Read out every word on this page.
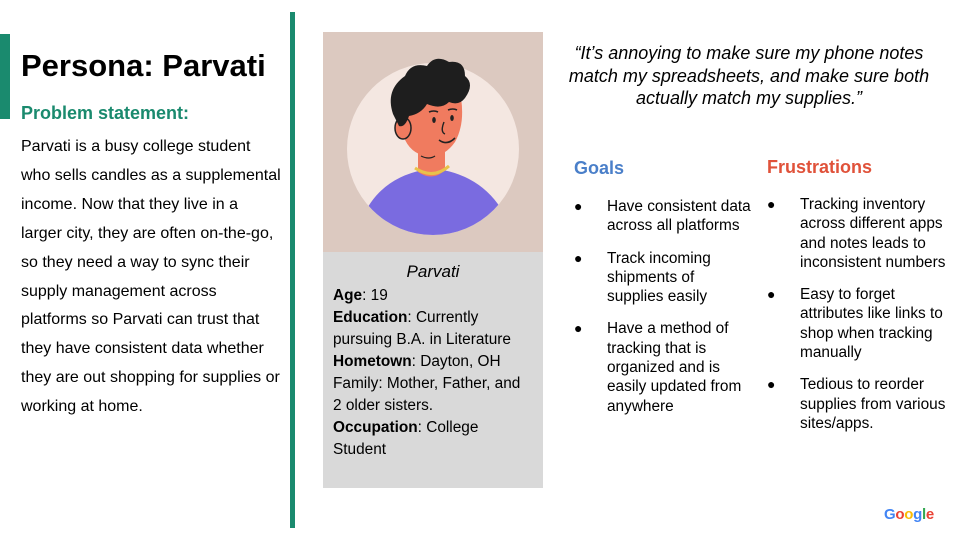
Persona: Parvati
Problem statement:

Parvati is a busy college student who sells candles as a supplemental income. Now that they live in a larger city, they are often on-the-go, so they need a way to sync their supply management across platforms so Parvati can trust that they have consistent data whether they are out shopping for supplies or working at home.

Parvati
Age: 19
Education: Currently pursuing B.A. in Literature
Hometown: Dayton, OH
Family: Mother, Father, and 2 older sisters.
Occupation: College Student

“It’s annoying to make sure my phone notes match my spreadsheets, and make sure both actually match my supplies.”

Goals
● Have consistent data across all platforms
● Track incoming shipments of supplies easily
● Have a method of tracking that is organized and is easily updated from anywhere
Frustrations
● Tracking inventory across different apps and notes leads to inconsistent numbers
● Easy to forget attributes like links to shop when tracking manually
● Tedious to reorder supplies from various sites/apps.
Google
